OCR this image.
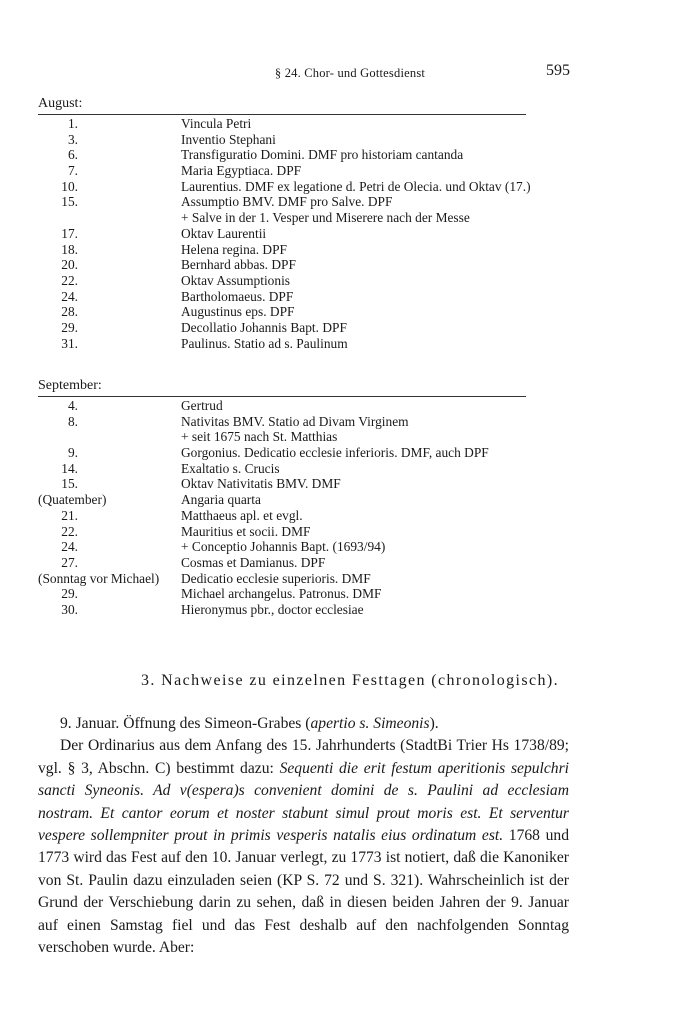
§ 24. Chor- und Gottesdienst	595
August:
1.	Vincula Petri
3.	Inventio Stephani
6.	Transfiguratio Domini. DMF pro historiam cantanda
7.	Maria Egyptiaca. DPF
10.	Laurentius. DMF ex legatione d. Petri de Olecia. und Oktav (17.)
15.	Assumptio BMV. DMF pro Salve. DPF
+ Salve in der 1. Vesper und Miserere nach der Messe
17.	Oktav Laurentii
18.	Helena regina. DPF
20.	Bernhard abbas. DPF
22.	Oktav Assumptionis
24.	Bartholomaeus. DPF
28.	Augustinus eps. DPF
29.	Decollatio Johannis Bapt. DPF
31.	Paulinus. Statio ad s. Paulinum
September:
4.	Gertrud
8.	Nativitas BMV. Statio ad Divam Virginem
+ seit 1675 nach St. Matthias
9.	Gorgonius. Dedicatio ecclesie inferioris. DMF, auch DPF
14.	Exaltatio s. Crucis
15.	Oktav Nativitatis BMV. DMF
(Quatember)	Angaria quarta
21.	Matthaeus apl. et evgl.
22.	Mauritius et socii. DMF
24.	+ Conceptio Johannis Bapt. (1693/94)
27.	Cosmas et Damianus. DPF
(Sonntag vor Michael)	Dedicatio ecclesie superioris. DMF
29.	Michael archangelus. Patronus. DMF
30.	Hieronymus pbr., doctor ecclesiae
3. Nachweise zu einzelnen Festtagen (chronologisch).

9. Januar. Öffnung des Simeon-Grabes (apertio s. Simeonis).

Der Ordinarius aus dem Anfang des 15. Jahrhunderts (StadtBi Trier Hs 1738/89; vgl. § 3, Abschn. C) bestimmt dazu: Sequenti die erit festum aperitionis sepulchri sancti Syneonis. Ad v(espera)s convenient domini de s. Paulini ad ecclesiam nostram. Et cantor eorum et noster stabunt simul prout moris est. Et serventur vespere sollempniter prout in primis vesperis natalis eius ordinatum est. 1768 und 1773 wird das Fest auf den 10. Januar verlegt, zu 1773 ist notiert, daß die Kanoniker von St. Paulin dazu einzuladen seien (KP S. 72 und S. 321). Wahrscheinlich ist der Grund der Verschiebung darin zu sehen, daß in diesen beiden Jahren der 9. Januar auf einen Samstag fiel und das Fest deshalb auf den nachfolgenden Sonntag verschoben wurde. Aber:
